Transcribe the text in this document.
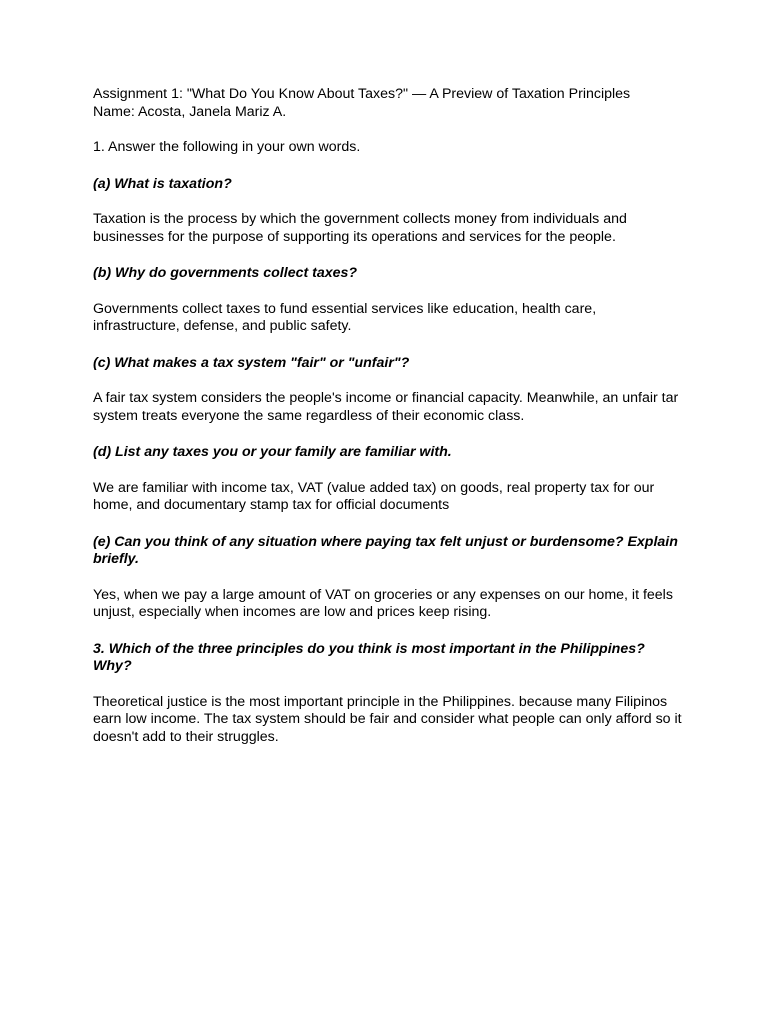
Assignment 1: "What Do You Know About Taxes?" — A Preview of Taxation Principles

Name: Acosta, Janela Mariz A.

1. Answer the following in your own words.

(a) What is taxation?

Taxation is the process by which the government collects money from individuals and businesses for the purpose of supporting its operations and services for the people.

(b) Why do governments collect taxes?

Governments collect taxes to fund essential services like education, health care, infrastructure, defense, and public safety.

(c) What makes a tax system "fair" or "unfair"?

A fair tax system considers the people's income or financial capacity. Meanwhile, an unfair tar system treats everyone the same regardless of their economic class.

(d) List any taxes you or your family are familiar with.

We are familiar with income tax, VAT (value added tax) on goods, real property tax for our home, and documentary stamp tax for official documents

(e) Can you think of any situation where paying tax felt unjust or burdensome? Explain briefly.

Yes, when we pay a large amount of VAT on groceries or any expenses on our home, it feels unjust, especially when incomes are low and prices keep rising.

3. Which of the three principles do you think is most important in the Philippines? Why?

Theoretical justice is the most important principle in the Philippines. because many Filipinos earn low income. The tax system should be fair and consider what people can only afford so it doesn't add to their struggles.
